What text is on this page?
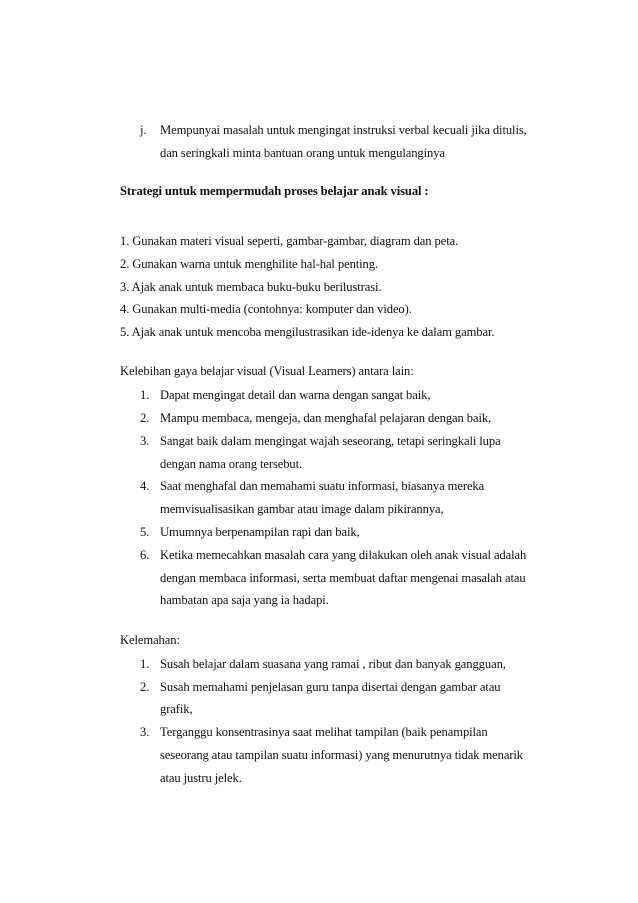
j. Mempunyai masalah untuk mengingat instruksi verbal kecuali jika ditulis,
dan seringkali minta bantuan orang untuk mengulanginya
Strategi untuk mempermudah proses belajar anak visual :
1. Gunakan materi visual seperti, gambar-gambar, diagram dan peta.
2. Gunakan warna untuk menghilite hal-hal penting.
3. Ajak anak untuk membaca buku-buku berilustrasi.
4. Gunakan multi-media (contohnya: komputer dan video).
5. Ajak anak untuk mencoba mengilustrasikan ide-idenya ke dalam gambar.
Kelebihan gaya belajar visual (Visual Learners) antara lain:
1. Dapat mengingat detail dan warna dengan sangat baik,
2. Mampu membaca, mengeja, dan menghafal pelajaran dengan baik,
3. Sangat baik dalam mengingat wajah seseorang, tetapi seringkali lupa
dengan nama orang tersebut.
4. Saat menghafal dan memahami suatu informasi, biasanya mereka
memvisualisasikan gambar atau image dalam pikirannya,
5. Umumnya berpenampilan rapi dan baik,
6. Ketika memecahkan masalah cara yang dilakukan oleh anak visual adalah
dengan membaca informasi, serta membuat daftar mengenai masalah atau
hambatan apa saja yang ia hadapi.
Kelemahan:
1. Susah belajar dalam suasana yang ramai , ribut dan banyak gangguan,
2. Susah memahami penjelasan guru tanpa disertai dengan gambar atau
grafik,
3. Terganggu konsentrasinya saat melihat tampilan (baik penampilan
seseorang atau tampilan suatu informasi) yang menurutnya tidak menarik
atau justru jelek.
